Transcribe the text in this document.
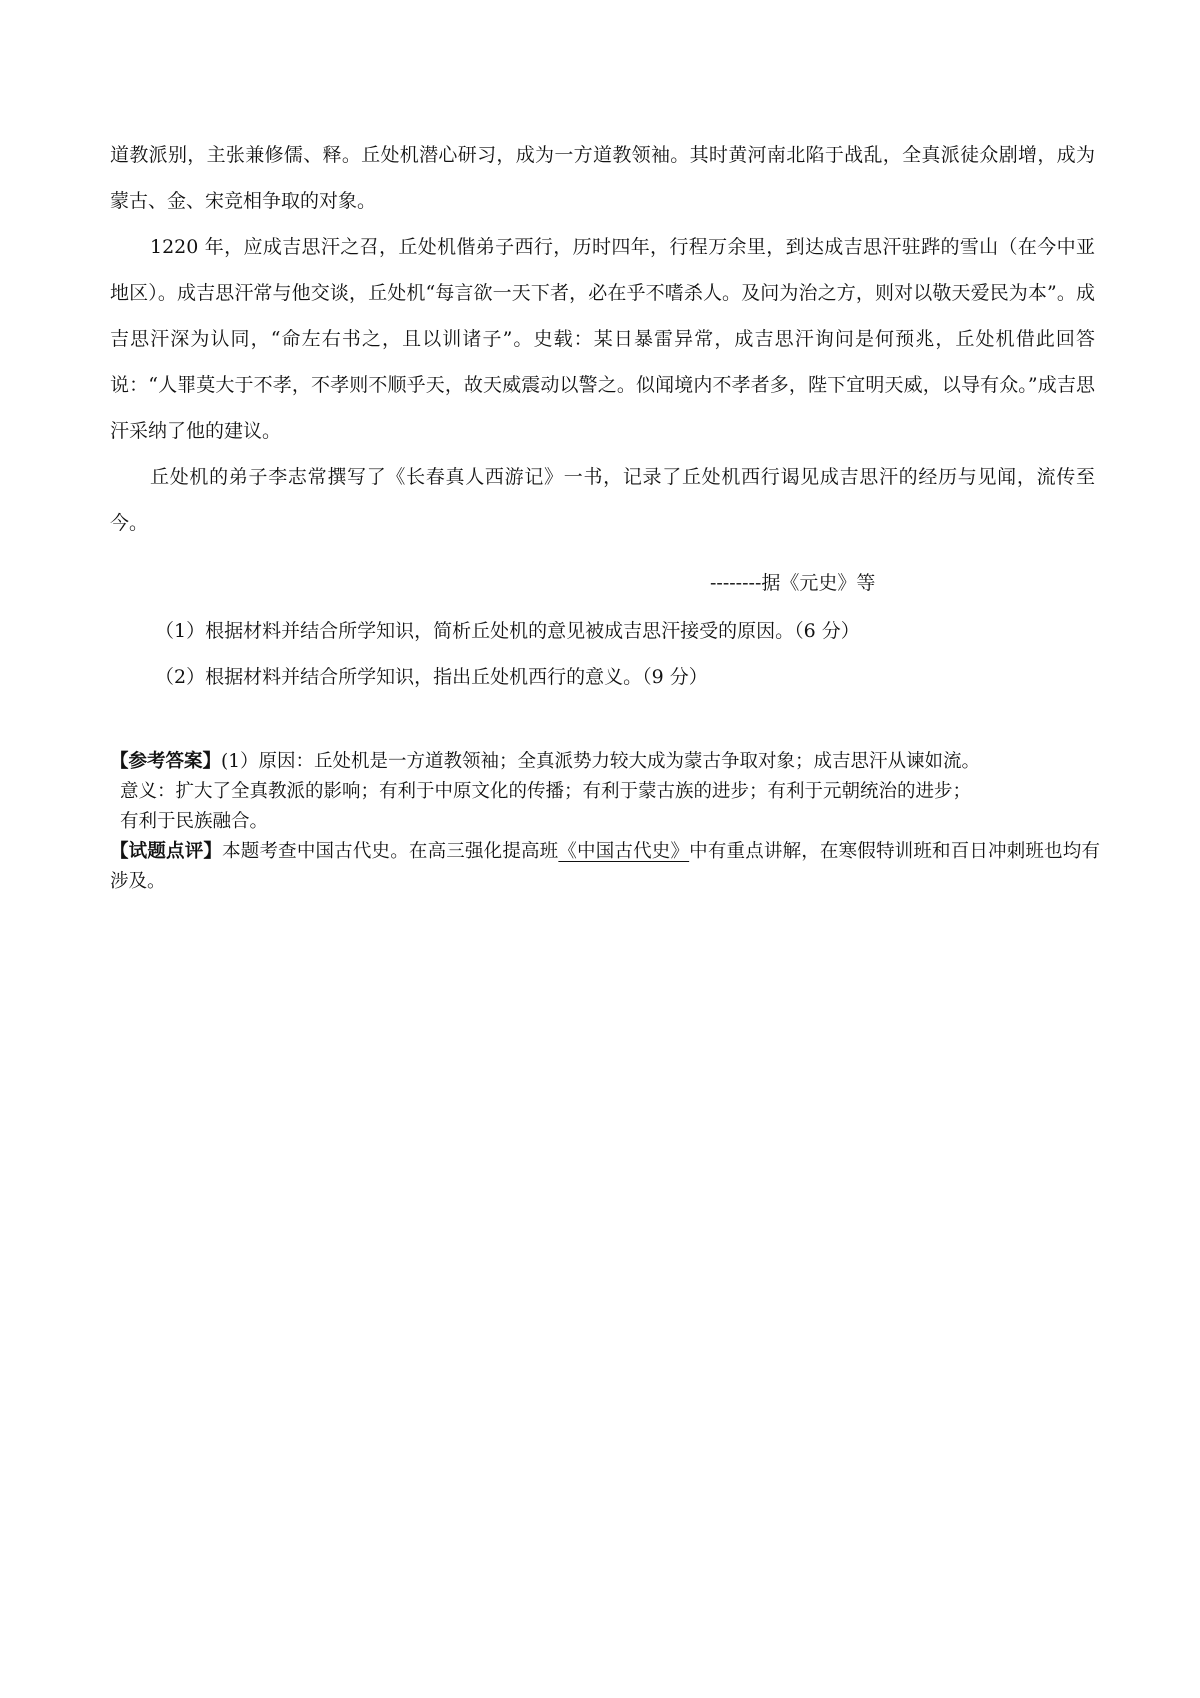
道教派别，主张兼修儒、释。丘处机潜心研习，成为一方道教领袖。其时黄河南北陷于战乱，全真派徒众剧增，成为蒙古、金、宋竞相争取的对象。

1220 年，应成吉思汗之召，丘处机偕弟子西行，历时四年，行程万余里，到达成吉思汗驻跸的雪山（在今中亚地区）。成吉思汗常与他交谈，丘处机“每言欲一天下者，必在乎不嗜杀人。及问为治之方，则对以敬天爱民为本”。成吉思汗深为认同，“命左右书之，且以训诸子”。史载：某日暴雷异常，成吉思汗询问是何预兆，丘处机借此回答说：“人罪莫大于不孝，不孝则不顺乎天，故天威震动以警之。似闻境内不孝者多，陛下宜明天威，以导有众。”成吉思汗采纳了他的建议。

丘处机的弟子李志常撰写了《长春真人西游记》一书，记录了丘处机西行谒见成吉思汗的经历与见闻，流传至今。

--------据《元史》等

（1）根据材料并结合所学知识，简析丘处机的意见被成吉思汗接受的原因。（6 分）

（2）根据材料并结合所学知识，指出丘处机西行的意义。（9 分）

【参考答案】(1）原因：丘处机是一方道教领袖；全真派势力较大成为蒙古争取对象；成吉思汗从谏如流。

意义：扩大了全真教派的影响；有利于中原文化的传播；有利于蒙古族的进步；有利于元朝统治的进步；

有利于民族融合。

【试题点评】本题考查中国古代史。在高三强化提高班《中国古代史》中有重点讲解，在寒假特训班和百日冲刺班也均有涉及。
